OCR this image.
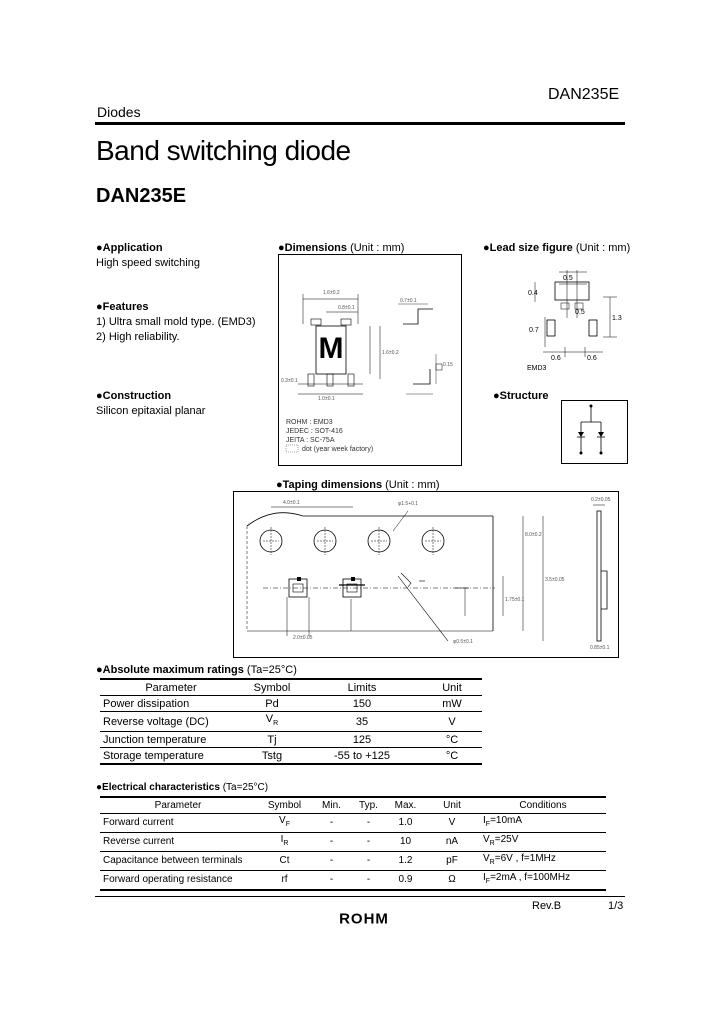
Diodes
DAN235E
Band switching diode
DAN235E
●Application
High speed switching
●Features
1) Ultra small mold type. (EMD3)
2) High reliability.
●Construction
Silicon epitaxial planar
●Dimensions (Unit : mm)
M
1.6±0.2
0.8±0.1
0.7±0.1
0.3±0.1
1.0±0.1
1.6±0.2
0.15
ROHM : EMD3
JEDEC : SOT-416
JEITA : SC-75A
dot (year week factory)
●Lead size figure (Unit : mm)
0.5
0.5
1.3
0.7
0.6	0.6
0.4
EMD3
●Structure
●Taping dimensions (Unit : mm)
4.0±0.1	φ1.5+0.1
8.0±0.2
3.5±0.05
1.75±0.1
2.0±0.05
φ0.5±0.1
0.2±0.05
0.85±0.1
●Absolute maximum ratings (Ta=25°C)
Parameter	Symbol	Limits	Unit
Power dissipation	Pd	150	mW
Reverse voltage (DC)	$V_R$	35	V
Junction temperature	Tj	125	°C
Storage temperature	Tstg	-55 to +125	°C
●Electrical characteristics (Ta=25°C)
Parameter	Symbol	Min.	Typ.	Max.	Unit	Conditions
Forward current	$V_F$	-	-	1.0	V	$I_F=10mA$
Reverse current	$I_R$	-	-	10	nA	$V_R=25V$
Capacitance between terminals	Ct	-	-	1.2	pF	$V_R=6V$ , f=1MHz
Forward operating resistance	rf	-	-	0.9	Ω	$I_F=2mA$ , f=100MHz
Rev.B	1/3
ROHM
